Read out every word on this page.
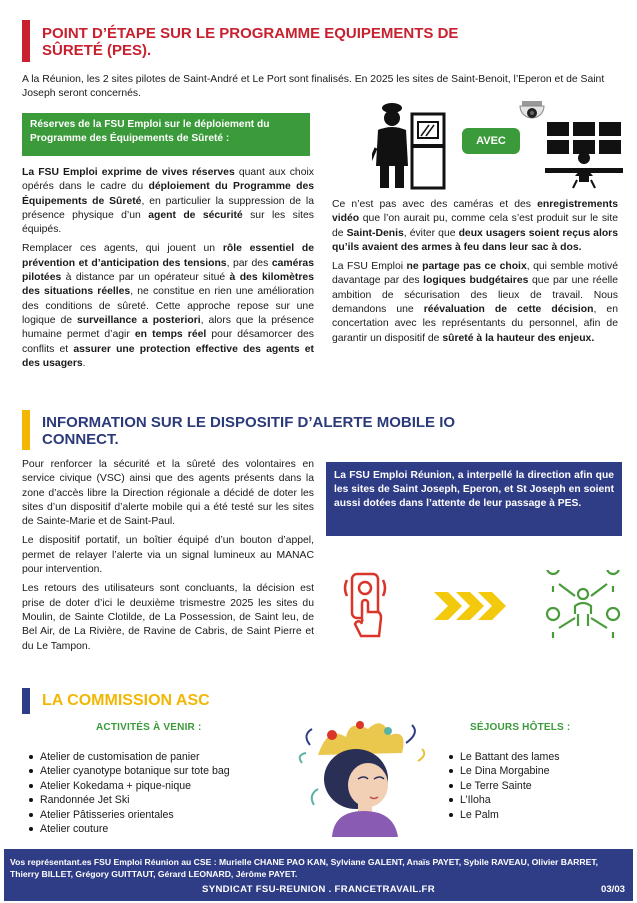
POINT D’ÉTAPE SUR LE PROGRAMME EQUIPEMENTS DE
SÛRETÉ (PES).
A la Réunion, les 2 sites pilotes de Saint-André et Le Port sont finalisés. En 2025 les sites de Saint-Benoit, l’Eperon et de Saint Joseph seront concernés.
Réserves de la FSU Emploi sur le déploiement du Programme des Équipements de Sûreté :

La FSU Emploi exprime de vives réserves quant aux choix opérés dans le cadre du déploiement du Programme des Équipements de Sûreté, en particulier la suppression de la présence physique d’un agent de sécurité sur les sites équipés.

Remplacer ces agents, qui jouent un rôle essentiel de prévention et d’anticipation des tensions, par des caméras pilotées à distance par un opérateur situé à des kilomètres des situations réelles, ne constitue en rien une amélioration des conditions de sûreté. Cette approche repose sur une logique de surveillance a posteriori, alors que la présence humaine permet d’agir en temps réel pour désamorcer des conflits et assurer une protection effective des agents et des usagers.

AVEC

Ce n’est pas avec des caméras et des enregistrements vidéo que l’on aurait pu, comme cela s’est produit sur le site de Saint-Denis, éviter que deux usagers soient reçus alors qu’ils avaient des armes à feu dans leur sac à dos.

La FSU Emploi ne partage pas ce choix, qui semble motivé davantage par des logiques budgétaires que par une réelle ambition de sécurisation des lieux de travail. Nous demandons une réévaluation de cette décision, en concertation avec les représentants du personnel, afin de garantir un dispositif de sûreté à la hauteur des enjeux.

INFORMATION SUR LE DISPOSITIF D’ALERTE MOBILE IO
CONNECT.

Pour renforcer la sécurité et la sûreté des volontaires en service civique (VSC) ainsi que des agents présents dans la zone d’accès libre la Direction régionale a décidé de doter les sites d’un dispositif d’alerte mobile qui a été testé sur les sites de Sainte-Marie et de Saint-Paul.

Le dispositif portatif, un boîtier équipé d’un bouton d’appel, permet de relayer l’alerte via un signal lumineux au MANAC pour intervention.

Les retours des utilisateurs sont concluants, la décision est prise de doter d’ici le deuxième trismestre 2025 les sites du Moulin, de Sainte Clotilde, de La Possession, de Saint leu, de Bel Air, de La Rivière, de Ravine de Cabris, de Saint Pierre et du Le Tampon.

La FSU Emploi Réunion, a interpellé la direction afin que les sites de Saint Joseph, Eperon, et St Joseph en soient aussi dotées dans l’attente de leur passage à PES.
LA COMMISSION ASC
ACTIVITÉS À VENIR :
Atelier de customisation de panier
Atelier cyanotype botanique sur tote bag
Atelier Kokedama + pique-nique
Randonnée Jet Ski
Atelier Pâtisseries orientales
Atelier couture
SÉJOURS HÔTELS :
Le Battant des lames
Le Dina Morgabine
Le Terre Sainte
L’Iloha
Le Palm
Vos représentant.es FSU Emploi Réunion au CSE : Murielle CHANE PAO KAN, Sylviane GALENT, Anaïs PAYET, Sybile RAVEAU, Olivier BARRET,
Thierry BILLET, Grégory GUITTAUT, Gérard LEONARD, Jérôme PAYET.
SYNDICAT FSU-REUNION . FRANCETRAVAIL.FR	03/03
